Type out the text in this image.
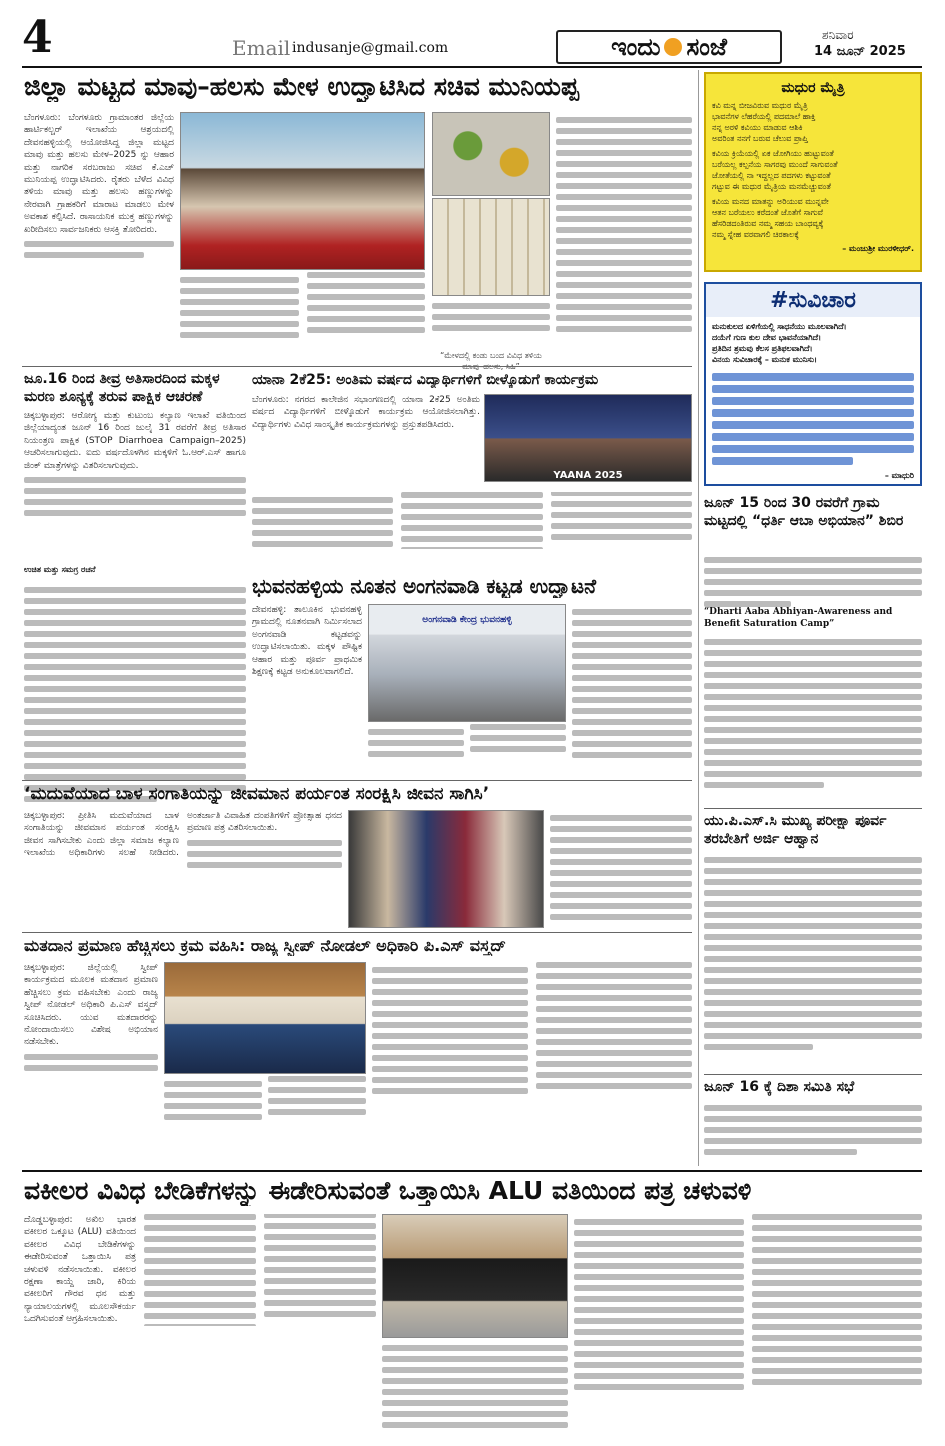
4	Email indusanje@gmail.com	ಇಂದು ಸಂಜೆ	ಶನಿವಾರ
14 ಜೂನ್ 2025
ಜಿಲ್ಲಾ ಮಟ್ಟದ ಮಾವು–ಹಲಸು ಮೇಳ ಉದ್ಘಾಟಿಸಿದ ಸಚಿವ ಮುನಿಯಪ್ಪ

ಬೆಂಗಳೂರು: ಬೆಂಗಳೂರು ಗ್ರಾಮಾಂತರ ಜಿಲ್ಲೆಯ ಹಾರ್ಟಿಕಲ್ಚರ್ ಇಲಾಖೆಯ ಆಶ್ರಯದಲ್ಲಿ ದೇವನಹಳ್ಳಿಯಲ್ಲಿ ಆಯೋಜಿಸಿದ್ದ ಜಿಲ್ಲಾ ಮಟ್ಟದ ಮಾವು ಮತ್ತು ಹಲಸು ಮೇಳ–2025 ನ್ನು ಆಹಾರ ಮತ್ತು ನಾಗರಿಕ ಸರಬರಾಜು ಸಚಿವ ಕೆ.ಎಚ್ ಮುನಿಯಪ್ಪ ಉದ್ಘಾಟಿಸಿದರು. ರೈತರು ಬೆಳೆದ ವಿವಿಧ ತಳಿಯ ಮಾವು ಮತ್ತು ಹಲಸು ಹಣ್ಣುಗಳನ್ನು ನೇರವಾಗಿ ಗ್ರಾಹಕರಿಗೆ ಮಾರಾಟ ಮಾಡಲು ಮೇಳ ಅವಕಾಶ ಕಲ್ಪಿಸಿದೆ. ರಾಸಾಯನಿಕ ಮುಕ್ತ ಹಣ್ಣುಗಳನ್ನು ಖರೀದಿಸಲು ಸಾರ್ವಜನಿಕರು ಆಸಕ್ತಿ ತೋರಿದರು.

“ಮೇಳದಲ್ಲಿ ಕಂಡು ಬಂದ ವಿವಿಧ ತಳಿಯ
ಜೂ.16 ರಿಂದ ತೀವ್ರ ಅತಿಸಾರದಿಂದ ಮಕ್ಕಳ ಮರಣ ಶೂನ್ಯಕ್ಕೆ ತರುವ ಪಾಕ್ಷಿಕ ಆಚರಣೆ

ಚಿಕ್ಕಬಳ್ಳಾಪುರ: ಆರೋಗ್ಯ ಮತ್ತು ಕುಟುಂಬ ಕಲ್ಯಾಣ ಇಲಾಖೆ ವತಿಯಿಂದ ಜಿಲ್ಲೆಯಾದ್ಯಂತ ಜೂನ್ 16 ರಿಂದ ಜುಲೈ 31 ರವರೆಗೆ ತೀವ್ರ ಅತಿಸಾರ ನಿಯಂತ್ರಣ ಪಾಕ್ಷಿಕ (STOP Diarrhoea Campaign–2025) ಆಚರಿಸಲಾಗುವುದು. ಐದು ವರ್ಷದೊಳಗಿನ ಮಕ್ಕಳಿಗೆ ಓ.ಆರ್.ಎಸ್ ಹಾಗೂ ಜಿಂಕ್ ಮಾತ್ರೆಗಳನ್ನು ವಿತರಿಸಲಾಗುವುದು.

ಉಚಿತ ಮತ್ತು ಸಮಗ್ರ ರಚನೆ
ಯಾನಾ 2ಕೆ25: ಅಂತಿಮ ವರ್ಷದ ವಿದ್ಯಾರ್ಥಿಗಳಿಗೆ ಬೀಳ್ಕೊಡುಗೆ ಕಾರ್ಯಕ್ರಮ

ಬೆಂಗಳೂರು: ನಗರದ ಕಾಲೇಜಿನ ಸಭಾಂಗಣದಲ್ಲಿ ಯಾನಾ 2ಕೆ25 ಅಂತಿಮ ವರ್ಷದ ವಿದ್ಯಾರ್ಥಿಗಳಿಗೆ ಬೀಳ್ಕೊಡುಗೆ ಕಾರ್ಯಕ್ರಮ ಆಯೋಜಿಸಲಾಗಿತ್ತು. ವಿದ್ಯಾರ್ಥಿಗಳು ವಿವಿಧ ಸಾಂಸ್ಕೃತಿಕ ಕಾರ್ಯಕ್ರಮಗಳನ್ನು ಪ್ರಸ್ತುತಪಡಿಸಿದರು.

YAANA 2025
ಭುವನಹಳ್ಳಿಯ ನೂತನ ಅಂಗನವಾಡಿ ಕಟ್ಟಡ ಉದ್ಘಾಟನೆ

ದೇವನಹಳ್ಳಿ: ತಾಲೂಕಿನ ಭುವನಹಳ್ಳಿ ಗ್ರಾಮದಲ್ಲಿ ನೂತನವಾಗಿ ನಿರ್ಮಿಸಲಾದ ಅಂಗನವಾಡಿ ಕಟ್ಟಡವನ್ನು ಉದ್ಘಾಟಿಸಲಾಯಿತು. ಮಕ್ಕಳ ಪೌಷ್ಟಿಕ ಆಹಾರ ಮತ್ತು ಪೂರ್ವ ಪ್ರಾಥಮಿಕ ಶಿಕ್ಷಣಕ್ಕೆ ಕಟ್ಟಡ ಅನುಕೂಲವಾಗಲಿದೆ.

ಅಂಗನವಾಡಿ ಕೇಂದ್ರ ಭುವನಹಳ್ಳಿ
‘ಮದುವೆಯಾದ ಬಾಳ ಸಂಗಾತಿಯನ್ನು ಜೀವಮಾನ ಪರ್ಯಂತ ಸಂರಕ್ಷಿಸಿ ಜೀವನ ಸಾಗಿಸಿ’

ಚಿಕ್ಕಬಳ್ಳಾಪುರ: ಪ್ರೀತಿಸಿ ಮದುವೆಯಾದ ಬಾಳ ಸಂಗಾತಿಯನ್ನು ಜೀವಮಾನ ಪರ್ಯಂತ ಸಂರಕ್ಷಿಸಿ ಜೀವನ ಸಾಗಿಸಬೇಕು ಎಂದು ಜಿಲ್ಲಾ ಸಮಾಜ ಕಲ್ಯಾಣ ಇಲಾಖೆಯ ಅಧಿಕಾರಿಗಳು ಸಲಹೆ ನೀಡಿದರು. ಅಂತರ್ಜಾತಿ ವಿವಾಹಿತ ದಂಪತಿಗಳಿಗೆ ಪ್ರೋತ್ಸಾಹ ಧನದ ಪ್ರಮಾಣ ಪತ್ರ ವಿತರಿಸಲಾಯಿತು.

ಮತದಾನ ಪ್ರಮಾಣ ಹೆಚ್ಚಿಸಲು ಕ್ರಮ ವಹಿಸಿ: ರಾಜ್ಯ ಸ್ವೀಪ್ ನೋಡಲ್ ಅಧಿಕಾರಿ ಪಿ.ಎಸ್ ವಸ್ತ್ರದ್

ಚಿಕ್ಕಬಳ್ಳಾಪುರ: ಜಿಲ್ಲೆಯಲ್ಲಿ ಸ್ವೀಪ್ ಕಾರ್ಯಕ್ರಮದ ಮೂಲಕ ಮತದಾನ ಪ್ರಮಾಣ ಹೆಚ್ಚಿಸಲು ಕ್ರಮ ವಹಿಸಬೇಕು ಎಂದು ರಾಜ್ಯ ಸ್ವೀಪ್ ನೋಡಲ್ ಅಧಿಕಾರಿ ಪಿ.ಎಸ್ ವಸ್ತ್ರದ್ ಸೂಚಿಸಿದರು. ಯುವ ಮತದಾರರನ್ನು ನೋಂದಾಯಿಸಲು ವಿಶೇಷ ಅಭಿಯಾನ ನಡೆಸಬೇಕು.

ಮಧುರ ಮೈತ್ರಿ
ಕವಿ ಮನ್ನ ಬೀಜವಿರುವ ಮಧುರ ಮೈತ್ರಿ
ಭಾವನೆಗಳ ಲೆಹರೆಯಲ್ಲಿ ಪದಮಾಲೆ ಹಾಕ್ತಿ
ನನ್ನ ಅರಳಿ ಕವಿಯು ಮಾಡುವ ಆಶಿಕಿ
ಅವರಿಂತ ನನಗೆ ಬರುವ ಚೆಲುವ ಪ್ರಾಪ್ತಿ
ಕವಿಯ ಕ್ರಿಯೆಯಲ್ಲಿ ಏಕ ಜೋಗಿಯು ಹುಟ್ಟುವಂತೆ
ಬರೆಯಲ್ಲ ಕಲ್ಪನೆಯ ಸಾಗರವು ಮುಂದೆ ಸಾಗುವಂತೆ
ಜೋತೆಯಲ್ಲಿ ನಾ ಇದ್ದಲ್ಲದ ಪದಗಳು ಕಟ್ಟುವಂತೆ
ಗಟ್ಟುವ ಈ ಮಧುರ ಮೈತ್ರಿಯ ಮನಮೆಚ್ಚುವಂತೆ
ಕವಿಯ ಮನದ ಮಾತನ್ನು ಅರಿಯುವ ಮುನ್ನವೇ
ಆತನ ಬರೆಯಲು ಕರೆದಂತೆ ಜೊತೆಗೆ ಸಾಗುವೆ
ಹೆಸರಿಡದಂತಿರುವ ನಮ್ಮ ಸಹಯ ಬಾಂಧವ್ಯಕ್ಕೆ
ನಮ್ಮ ಸ್ನೇಹ ವರವಾಗಲಿ ಚಿರಕಾಲಕ್ಕೆ
– ಮಂಜುಶ್ರೀ ಮುರಳೀಧರ್.
#ಸುವಿಚಾರ
ಮನುಕುಲದ ಏಳಿಗೆಯಲ್ಲಿ ಸಾಧನೆಯು ಮೂಲವಾಗಿದೆ।
ದಯೆಗೆ ಗುಣ ಕುಲ ದೇವ ಭಾವನೆಯಾಗಿದೆ।
ಪ್ರತಿದಿನ ಶ್ರಮವು ಕೆಲಸ ಪ್ರತಿಫಲವಾಗಿದೆ।
ವಿನಯ ಸುವಿಚಾರಕ್ಕೆ – ಮನುಕ ಮುನಿಸು।
– ಮಾಧುರಿ
ಜೂನ್ 15 ರಿಂದ 30 ರವರೆಗೆ ಗ್ರಾಮ ಮಟ್ಟದಲ್ಲಿ “ಧರ್ತಿ ಆಬಾ ಅಭಿಯಾನ” ಶಿಬಿರ
“Dharti Aaba Abhiyan-Awareness and Benefit Saturation Camp”
ಯು.ಪಿ.ಎಸ್.ಸಿ ಮುಖ್ಯ ಪರೀಕ್ಷಾ ಪೂರ್ವ ತರಬೇತಿಗೆ ಅರ್ಜಿ ಆಹ್ವಾನ
ಜೂನ್ 16 ಕ್ಕೆ ದಿಶಾ ಸಮಿತಿ ಸಭೆ
ವಕೀಲರ ವಿವಿಧ ಬೇಡಿಕೆಗಳನ್ನು ಈಡೇರಿಸುವಂತೆ ಒತ್ತಾಯಿಸಿ ALU ವತಿಯಿಂದ ಪತ್ರ ಚಳುವಳಿ

ದೊಡ್ಡಬಳ್ಳಾಪುರ: ಅಖಿಲ ಭಾರತ ವಕೀಲರ ಒಕ್ಕೂಟ (ALU) ವತಿಯಿಂದ ವಕೀಲರ ವಿವಿಧ ಬೇಡಿಕೆಗಳನ್ನು ಈಡೇರಿಸುವಂತೆ ಒತ್ತಾಯಿಸಿ ಪತ್ರ ಚಳುವಳಿ ನಡೆಸಲಾಯಿತು. ವಕೀಲರ ರಕ್ಷಣಾ ಕಾಯ್ದೆ ಜಾರಿ, ಕಿರಿಯ ವಕೀಲರಿಗೆ ಗೌರವ ಧನ ಮತ್ತು ನ್ಯಾಯಾಲಯಗಳಲ್ಲಿ ಮೂಲಸೌಕರ್ಯ ಒದಗಿಸುವಂತೆ ಆಗ್ರಹಿಸಲಾಯಿತು.
